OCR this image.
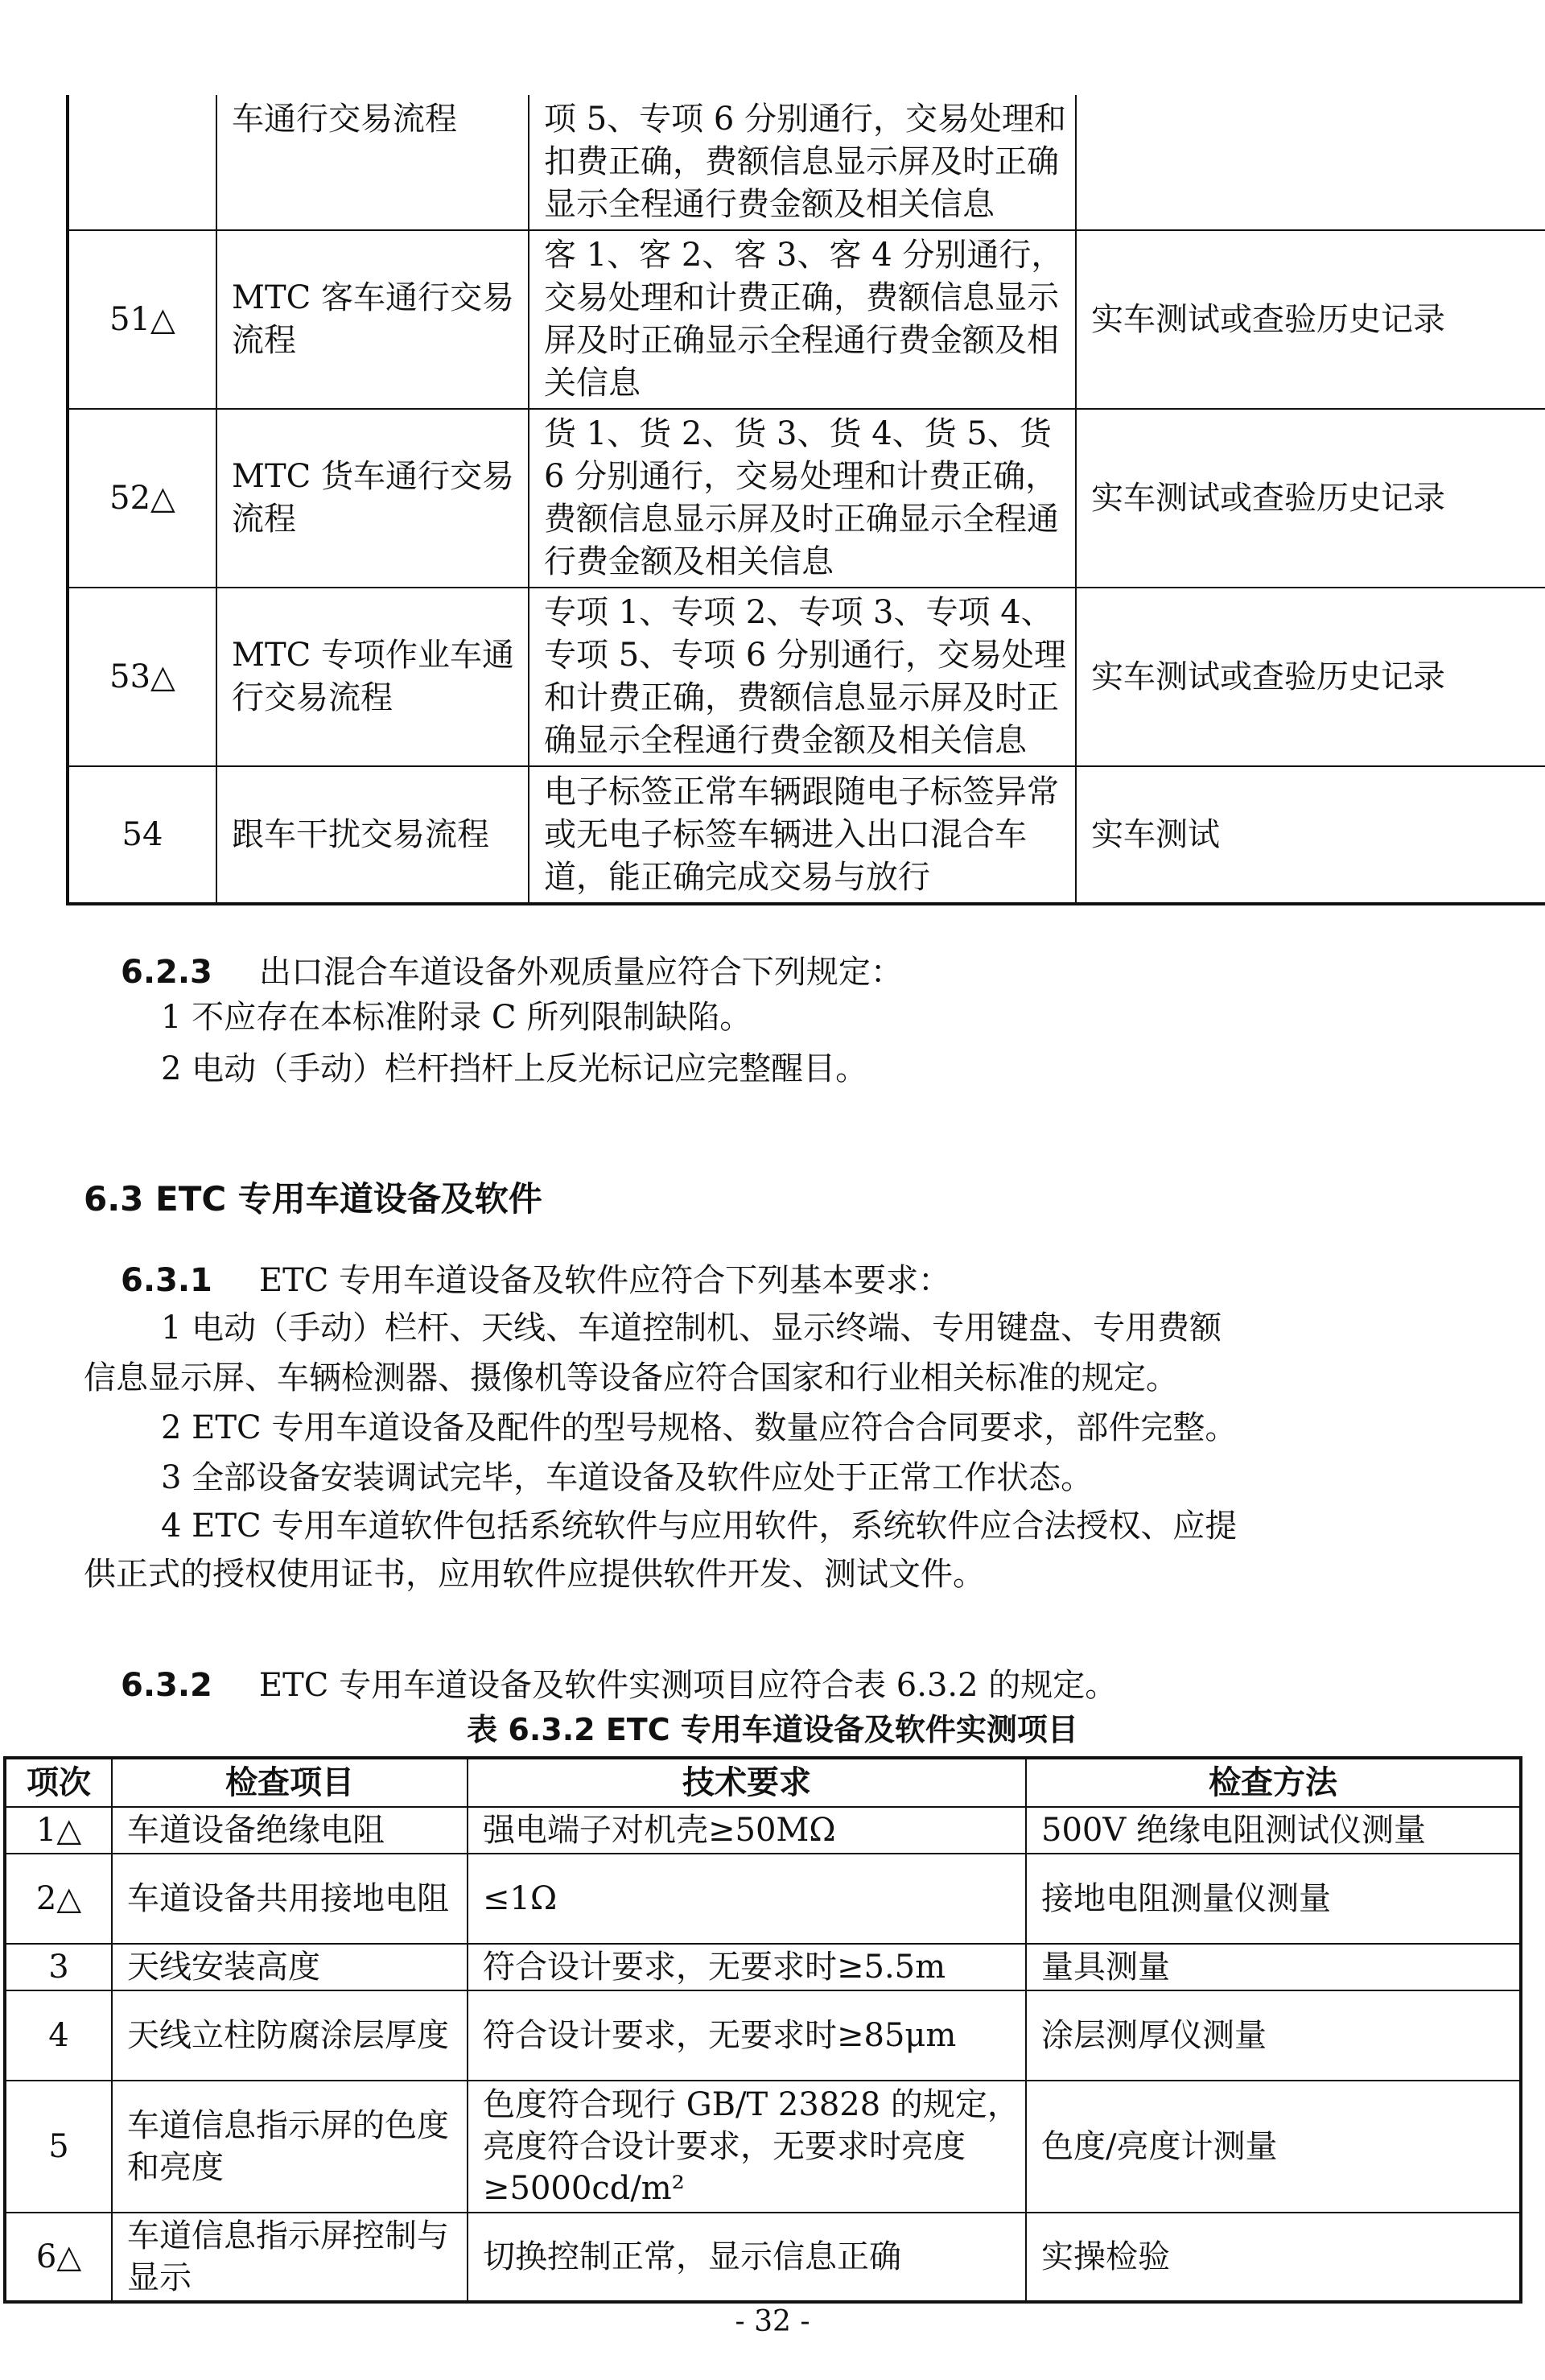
	车通行交易流程	项 5、专项 6 分别通行，交易处理和扣费正确，费额信息显示屏及时正确显示全程通行费金额及相关信息	
51△	MTC 客车通行交易流程	客 1、客 2、客 3、客 4 分别通行，交易处理和计费正确，费额信息显示屏及时正确显示全程通行费金额及相关信息	实车测试或查验历史记录
52△	MTC 货车通行交易流程	货 1、货 2、货 3、货 4、货 5、货 6 分别通行，交易处理和计费正确，费额信息显示屏及时正确显示全程通行费金额及相关信息	实车测试或查验历史记录
53△	MTC 专项作业车通行交易流程	专项 1、专项 2、专项 3、专项 4、专项 5、专项 6 分别通行，交易处理和计费正确，费额信息显示屏及时正确显示全程通行费金额及相关信息	实车测试或查验历史记录
54	跟车干扰交易流程	电子标签正常车辆跟随电子标签异常或无电子标签车辆进入出口混合车道，能正确完成交易与放行	实车测试
6.2.3 出口混合车道设备外观质量应符合下列规定：
1 不应存在本标准附录 C 所列限制缺陷。
2 电动（手动）栏杆挡杆上反光标记应完整醒目。
6.3 ETC 专用车道设备及软件
6.3.1 ETC 专用车道设备及软件应符合下列基本要求：
1 电动（手动）栏杆、天线、车道控制机、显示终端、专用键盘、专用费额
信息显示屏、车辆检测器、摄像机等设备应符合国家和行业相关标准的规定。
2 ETC 专用车道设备及配件的型号规格、数量应符合合同要求，部件完整。
3 全部设备安装调试完毕，车道设备及软件应处于正常工作状态。
4 ETC 专用车道软件包括系统软件与应用软件，系统软件应合法授权、应提
供正式的授权使用证书，应用软件应提供软件开发、测试文件。
6.3.2 ETC 专用车道设备及软件实测项目应符合表 6.3.2 的规定。
表 6.3.2 ETC 专用车道设备及软件实测项目
项次	检查项目	技术要求	检查方法
1△	车道设备绝缘电阻	强电端子对机壳≥50MΩ	500V 绝缘电阻测试仪测量
2△	车道设备共用接地电阻	≤1Ω	接地电阻测量仪测量
3	天线安装高度	符合设计要求，无要求时≥5.5m	量具测量
4	天线立柱防腐涂层厚度	符合设计要求，无要求时≥85μm	涂层测厚仪测量
5	车道信息指示屏的色度和亮度	色度符合现行 GB/T 23828 的规定，亮度符合设计要求，无要求时亮度≥5000cd/m²	色度/亮度计测量
6△	车道信息指示屏控制与显示	切换控制正常，显示信息正确	实操检验
- 32 -
